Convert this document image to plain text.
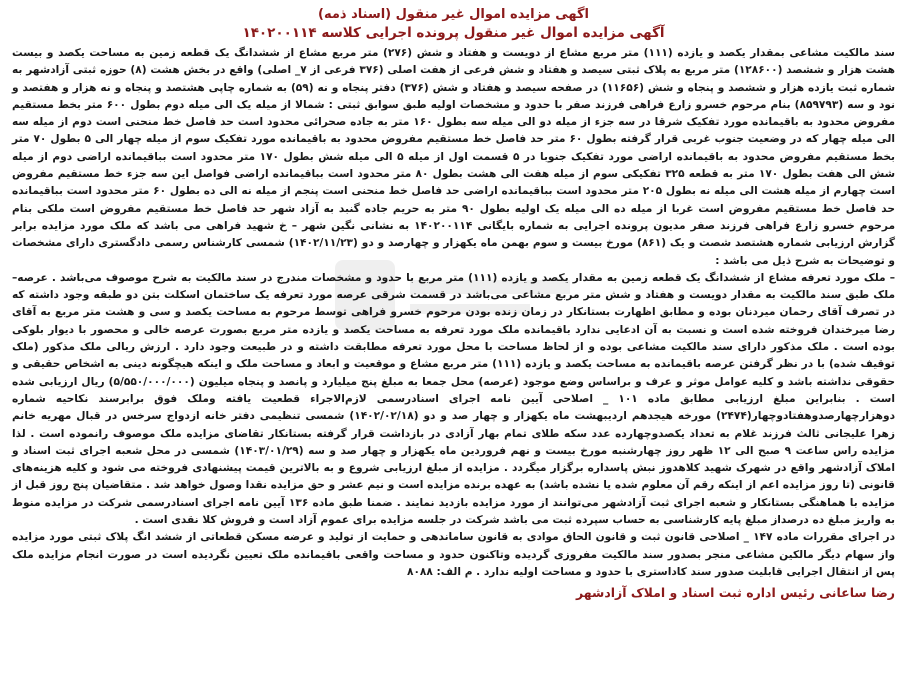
اگهی مزایده اموال غیر منقول (اسناد ذمه)
آگهی مزایده اموال غیر منقول پرونده اجرایی کلاسه ۱۴۰۲۰۰۱۱۴

سند مالکیت مشاعی بمقدار یکصد و یازده (۱۱۱) متر مربع مشاع از دویست و هفتاد و شش (۲۷۶) متر مربع مشاع از ششدانگ یک قطعه زمین به مساحت یکصد و بیست هشت هزار و ششصد (۱۲۸۶۰۰) متر مربع به پلاک ثبتی سیصد و هفتاد و شش فرعی از هفت اصلی (۳۷۶ فرعی از ۷_ اصلی) واقع در بخش هشت (۸) حوزه ثبتی آزادشهر به شماره ثبت یازده هزار و ششصد و پنجاه و شش (۱۱۶۵۶) در صفحه سیصد و هفتاد و شش (۳۷۶) دفتر پنجاه و نه (۵۹) به شماره چاپی هشتصد و پنجاه و نه هزار و هفتصد و نود و سه (۸۵۹۷۹۳) بنام مرحوم خسرو زارع فراهی فرزند صفر با حدود و مشخصات اولیه طبق سوابق ثبتی : شمالا از میله یک الی میله دوم بطول ۶۰۰ متر بخط مستقیم مفروض محدود به باقیمانده مورد تفکیک شرقا در سه جزء از میله دو الی میله سه بطول ۱۶۰ متر به جاده صحرائی محدود است حد فاصل خط منحنی است دوم از میله سه الی میله چهار که در وضعیت جنوب غربی قرار گرفته بطول ۶۰ متر حد فاصل خط مستقیم مفروض محدود به باقیمانده مورد تفکیک سوم از میله چهار الی ۵ بطول ۷۰ متر بخط مستقیم مفروض محدود به باقیمانده اراضی مورد تفکیک جنوبا در ۵ قسمت اول از میله ۵ الی میله شش بطول ۱۷۰ متر محدود است بباقیمانده اراضی دوم از میله شش الی هفت بطول ۱۷۰ متر به قطعه ۳۲۵ تفکیکی سوم از میله هفت الی هشت بطول ۸۰ متر محدود است بباقیمانده اراضی فواصل این سه جزء خط مستقیم مفروض است چهارم از میله هشت الی میله نه بطول ۲۰۵ متر محدود است بباقیمانده اراضی حد فاصل خط منحنی است پنجم از میله نه الی ده بطول ۶۰ متر محدود است بباقیمانده حد فاصل خط مستقیم مفروض است غربا از میله ده الی میله یک اولیه بطول ۹۰ متر به حریم جاده گنبد به آزاد شهر حد فاصل خط مستقیم مفروض است ملکی بنام مرحوم خسرو زارع فراهی فرزند صفر مدیون پرونده اجرایی به شماره بایگانی ۱۴۰۲۰۰۱۱۴ به نشانی نگین شهر – خ شهید فراهی می باشد که ملک مورد مزایده برابر گزارش ارزیابی شماره هشتصد شصت و یک (۸۶۱) مورخ بیست و سوم بهمن ماه یکهزار و چهارصد و دو (۱۴۰۲/۱۱/۲۳) شمسی کارشناس رسمی دادگستری دارای مشخصات و توضیحات به شرح ذیل می باشد :

– ملک مورد تعرفه مشاع از ششدانگ یک قطعه زمین به مقدار یکصد و یازده (۱۱۱) متر مربع با حدود و مشخصات مندرج در سند مالکیت به شرح موصوف می‌باشد . عرصه– ملک طبق سند مالکیت به مقدار دویست و هفتاد و شش متر مربع مشاعی می‌باشد در قسمت شرقی عرصه مورد تعرفه یک ساختمان اسکلت بتن دو طبقه وجود داشته که در تصرف آقای رحمان میردنان بوده و مطابق اظهارت بستانکار در زمان زنده بودن مرحوم خسرو فراهی توسط مرحوم به مساحت یکصد و سی و هشت متر مربع به آقای رضا میرخندان فروخته شده است و نسبت به آن ادعایی ندارد باقیمانده ملک مورد تعرفه به مساحت یکصد و یازده متر مربع بصورت عرصه خالی و محصور با دیوار بلوکی بوده است . ملک مذکور دارای سند مالکیت مشاعی بوده و از لحاظ مساحت با محل مورد تعرفه مطابقت داشته و در طبیعت وجود دارد . ارزش ریالی ملک مذکور (ملک توقیف شده) با در نظر گرفتن عرصه باقیمانده به مساحت یکصد و یازده (۱۱۱) متر مربع مشاع و موقعیت و ابعاد و مساحت ملک و اینکه هیچگونه دینی به اشخاص حقیقی و حقوقی نداشته باشد و کلیه عوامل موثر و عرف و براساس وضع موجود (عرصه) محل جمعا به مبلغ پنج میلیارد و پانصد و پنجاه میلیون (۵/۵۵۰/۰۰۰/۰۰۰) ریال ارزیابی شده است . بنابراین مبلغ ارزیابی مطابق ماده ۱۰۱ _ اصلاحی آیین نامه اجرای اسنادرسمی لازم‌الاجراء قطعیت یافته وملک فوق برابرسند نکاحیه شماره دوهزارچهارصدوهفتادوچهار(۲۴۷۴) مورخه هیجدهم اردیبهشت ماه یکهزار و چهار صد و دو (۱۴۰۲/۰۲/۱۸) شمسی تنظیمی دفتر خانه ازدواج سرخس در قبال مهریه خانم زهرا علیجانی ثالث فرزند غلام به تعداد یکصدوچهارده عدد سکه طلای تمام بهار آزادی در بازداشت قرار گرفته بستانکار تقاضای مزایده ملک موصوف رانموده است . لذا مزایده راس ساعت ۹ صبح الی ۱۲ ظهر روز چهارشنبه مورخ بیست و نهم فروردین ماه یکهزار و چهار صد و سه (۱۴۰۳/۰۱/۲۹) شمسی در محل شعبه اجرای ثبت اسناد و املاک آزادشهر واقع در شهرک شهید کلاهدوز نبش پاسداره برگزار میگردد . مزایده از مبلغ ارزیابی شروع و به بالاترین قیمت پیشنهادی فروخته می شود و کلیه هزینه‌های قانونی (تا روز مزایده اعم از اینکه رقم آن معلوم شده یا نشده باشد) به عهده برنده مزایده است و نیم عشر و حق مزایده نقدا وصول خواهد شد . متقاضیان پنج روز قبل از مزایده با هماهنگی بستانکار و شعبه اجرای ثبت آزادشهر می‌توانند از مورد مزایده بازدید نمایند . ضمنا طبق ماده ۱۳۶ آیین نامه اجرای اسنادرسمی شرکت در مزایده منوط به واریز مبلغ ده درصداز مبلغ پایه کارشناسی به حساب سپرده ثبت می باشد شرکت در جلسه مزایده برای عموم آزاد است و فروش کلا نقدی است .

در اجرای مقررات ماده ۱۴۷ _ اصلاحی قانون ثبت و قانون الحاق موادی به قانون ساماندهی و حمایت از تولید و عرضه مسکن قطعاتی از ششد انگ پلاک ثبتی مورد مزایده واز سهام دیگر مالکین مشاعی منجر بصدور سند مالکیت مفروزی گردیده وتاکنون حدود و مساحت واقعی باقیمانده ملک تعیین نگردیده است در صورت انجام مزایده ملک پس از انتقال اجرایی قابلیت صدور سند کاداستری با حدود و مساحت اولیه ندارد . م الف: ۸۰۸۸

رضا ساعانی رئیس اداره ثبت اسناد و املاک آزادشهر
